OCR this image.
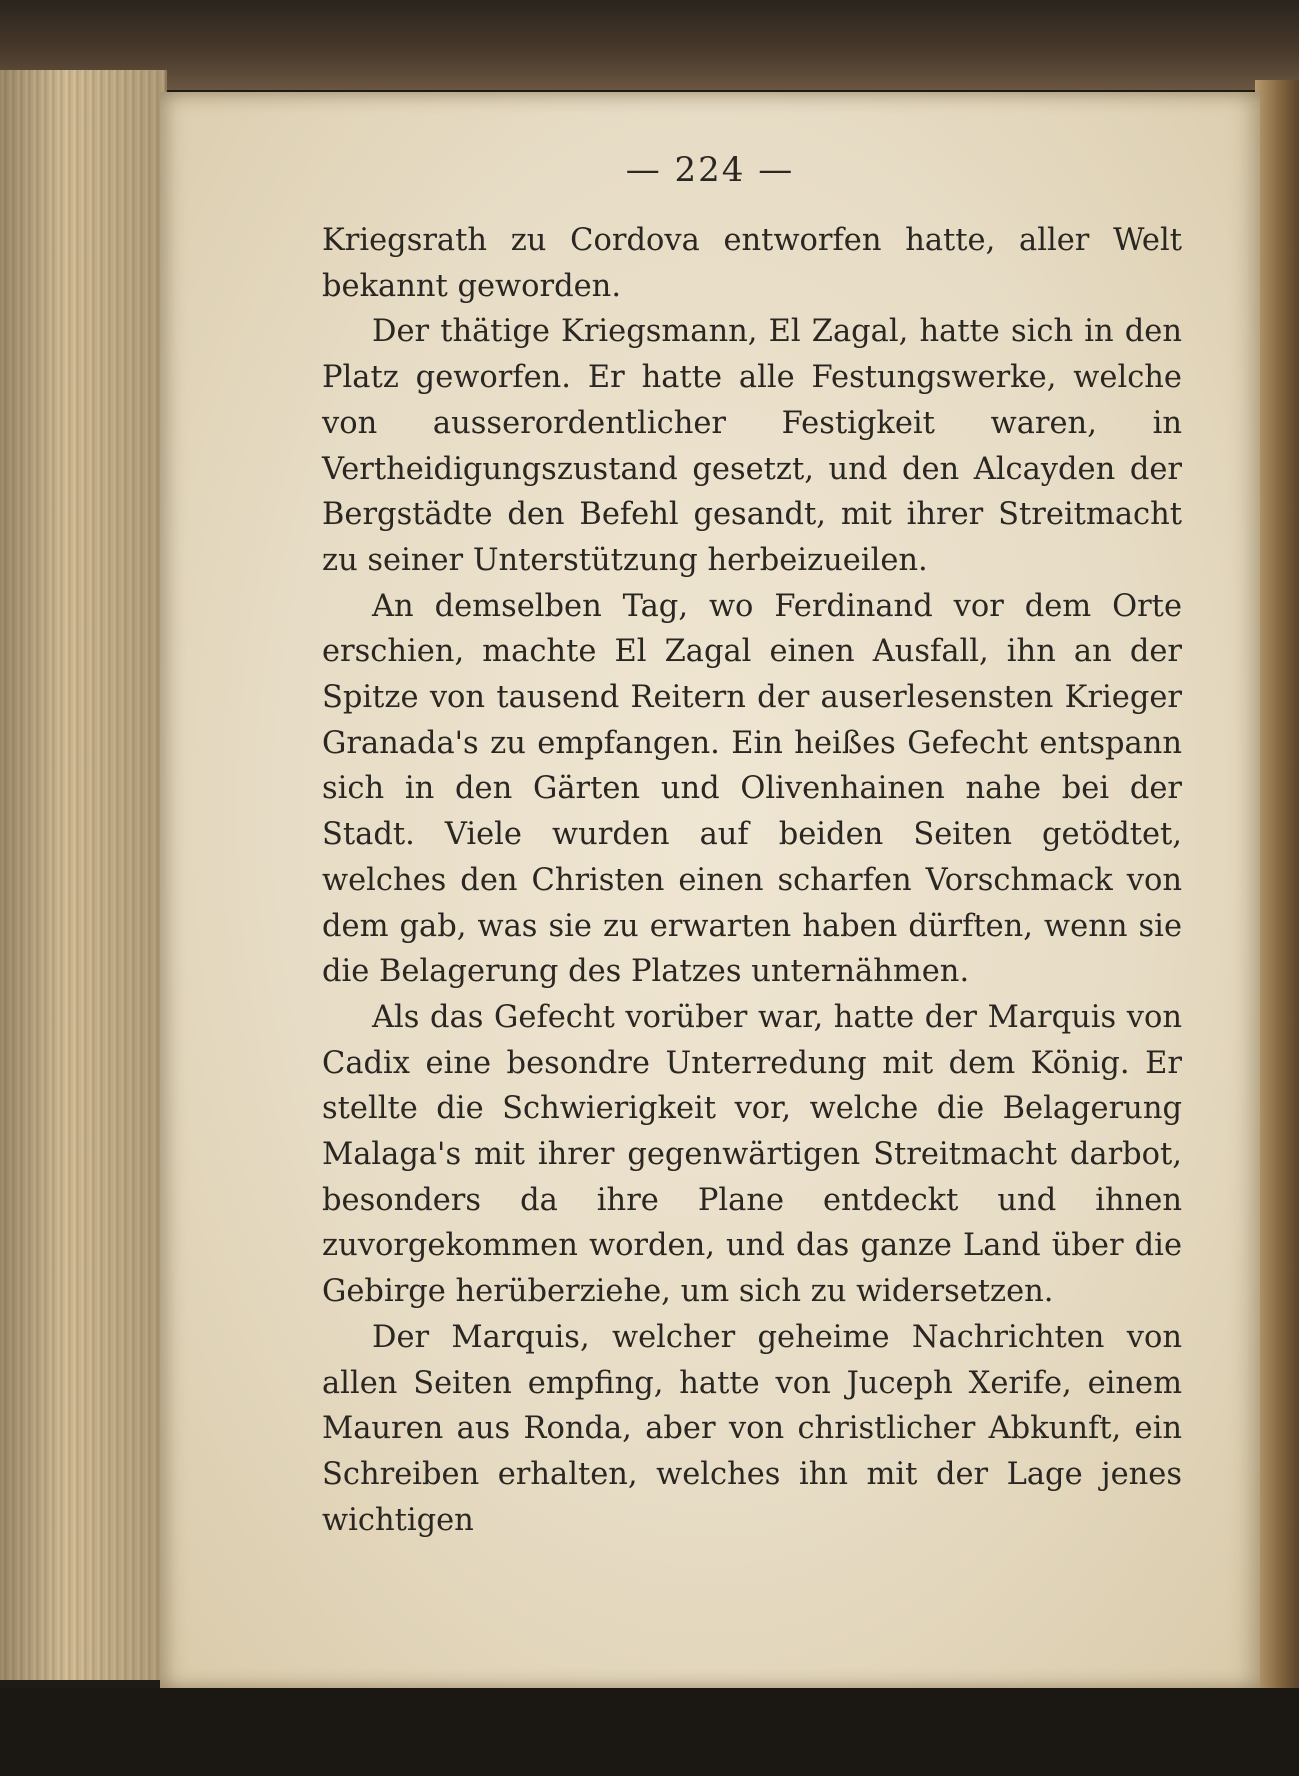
— 224 —

Kriegsrath zu Cordova entworfen hatte, aller Welt bekannt geworden.

Der thätige Kriegsmann, El Zagal, hatte sich in den Platz geworfen. Er hatte alle Festungswerke, welche von ausserordentlicher Festigkeit waren, in Vertheidigungszustand gesetzt, und den Alcayden der Bergstädte den Befehl gesandt, mit ihrer Streitmacht zu seiner Unterstützung herbeizueilen.

An demselben Tag, wo Ferdinand vor dem Orte erschien, machte El Zagal einen Ausfall, ihn an der Spitze von tausend Reitern der auserlesensten Krieger Granada's zu empfangen. Ein heißes Gefecht entspann sich in den Gärten und Olivenhainen nahe bei der Stadt. Viele wurden auf beiden Seiten getödtet, welches den Christen einen scharfen Vorschmack von dem gab, was sie zu erwarten haben dürften, wenn sie die Belagerung des Platzes unternähmen.

Als das Gefecht vorüber war, hatte der Marquis von Cadix eine besondre Unterredung mit dem König. Er stellte die Schwierigkeit vor, welche die Belagerung Malaga's mit ihrer gegenwärtigen Streitmacht darbot, besonders da ihre Plane entdeckt und ihnen zuvorgekommen worden, und das ganze Land über die Gebirge herüberziehe, um sich zu widersetzen.

Der Marquis, welcher geheime Nachrichten von allen Seiten empfing, hatte von Juceph Xerife, einem Mauren aus Ronda, aber von christlicher Abkunft, ein Schreiben erhalten, welches ihn mit der Lage jenes wichtigen
